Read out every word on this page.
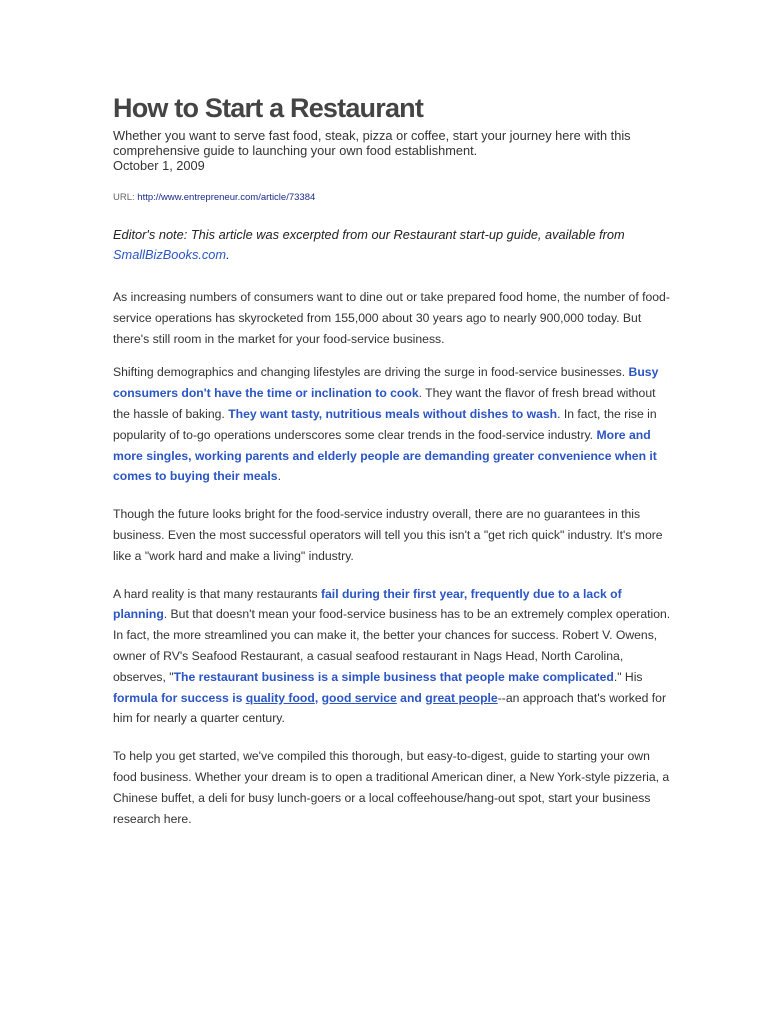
How to Start a Restaurant
Whether you want to serve fast food, steak, pizza or coffee, start your journey here with this comprehensive guide to launching your own food establishment.
October 1, 2009
URL: http://www.entrepreneur.com/article/73384
Editor's note: This article was excerpted from our Restaurant start-up guide, available from SmallBizBooks.com.

As increasing numbers of consumers want to dine out or take prepared food home, the number of food-service operations has skyrocketed from 155,000 about 30 years ago to nearly 900,000 today. But there's still room in the market for your food-service business.

Shifting demographics and changing lifestyles are driving the surge in food-service businesses. Busy consumers don't have the time or inclination to cook. They want the flavor of fresh bread without the hassle of baking. They want tasty, nutritious meals without dishes to wash. In fact, the rise in popularity of to-go operations underscores some clear trends in the food-service industry. More and more singles, working parents and elderly people are demanding greater convenience when it comes to buying their meals.

Though the future looks bright for the food-service industry overall, there are no guarantees in this business. Even the most successful operators will tell you this isn't a "get rich quick" industry. It's more like a "work hard and make a living" industry.

A hard reality is that many restaurants fail during their first year, frequently due to a lack of planning. But that doesn't mean your food-service business has to be an extremely complex operation. In fact, the more streamlined you can make it, the better your chances for success. Robert V. Owens, owner of RV's Seafood Restaurant, a casual seafood restaurant in Nags Head, North Carolina, observes, "The restaurant business is a simple business that people make complicated." His formula for success is quality food, good service and great people--an approach that's worked for him for nearly a quarter century.

To help you get started, we've compiled this thorough, but easy-to-digest, guide to starting your own food business. Whether your dream is to open a traditional American diner, a New York-style pizzeria, a Chinese buffet, a deli for busy lunch-goers or a local coffeehouse/hang-out spot, start your business research here.
